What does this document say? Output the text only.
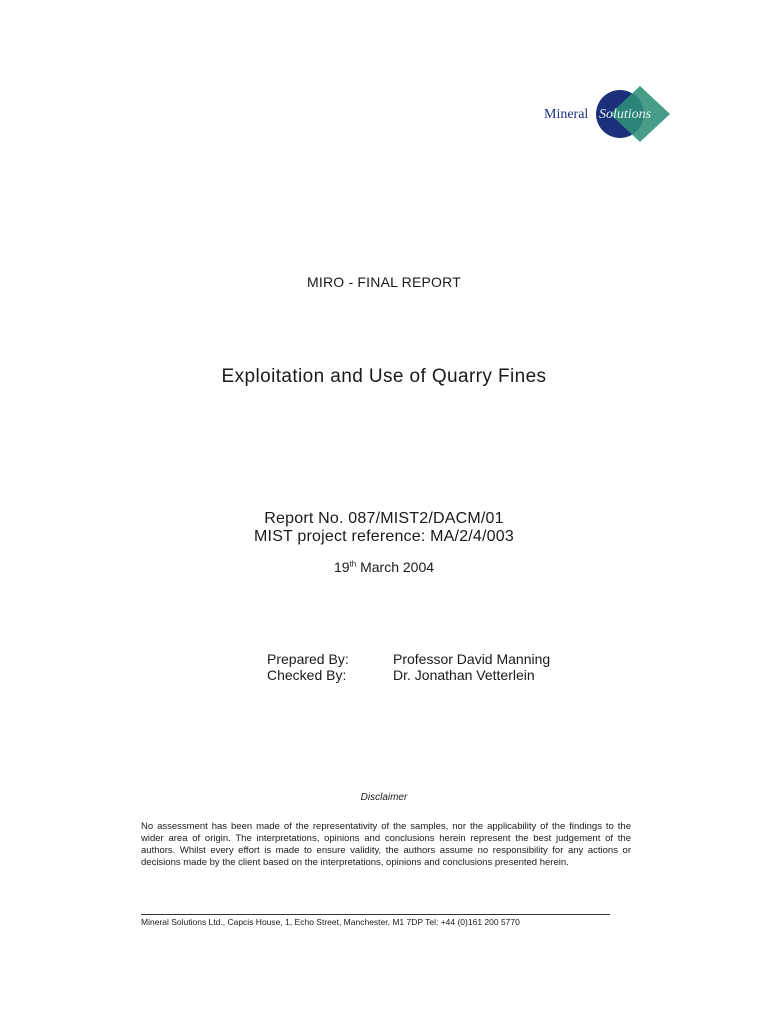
Mineral Solutions
MIRO - FINAL REPORT
Exploitation and Use of Quarry Fines
Report No. 087/MIST2/DACM/01
MIST project reference: MA/2/4/003
19th March 2004
Prepared By:	Professor David Manning
Checked By:	Dr. Jonathan Vetterlein
Disclaimer
No assessment has been made of the representativity of the samples, nor the applicability of the findings to the wider area of origin. The interpretations, opinions and conclusions herein represent the best judgement of the authors. Whilst every effort is made to ensure validity, the authors assume no responsibility for any actions or decisions made by the client based on the interpretations, opinions and conclusions presented herein.
Mineral Solutions Ltd., Capcis House, 1, Echo Street, Manchester, M1 7DP Tel: +44 (0)161 200 5770
